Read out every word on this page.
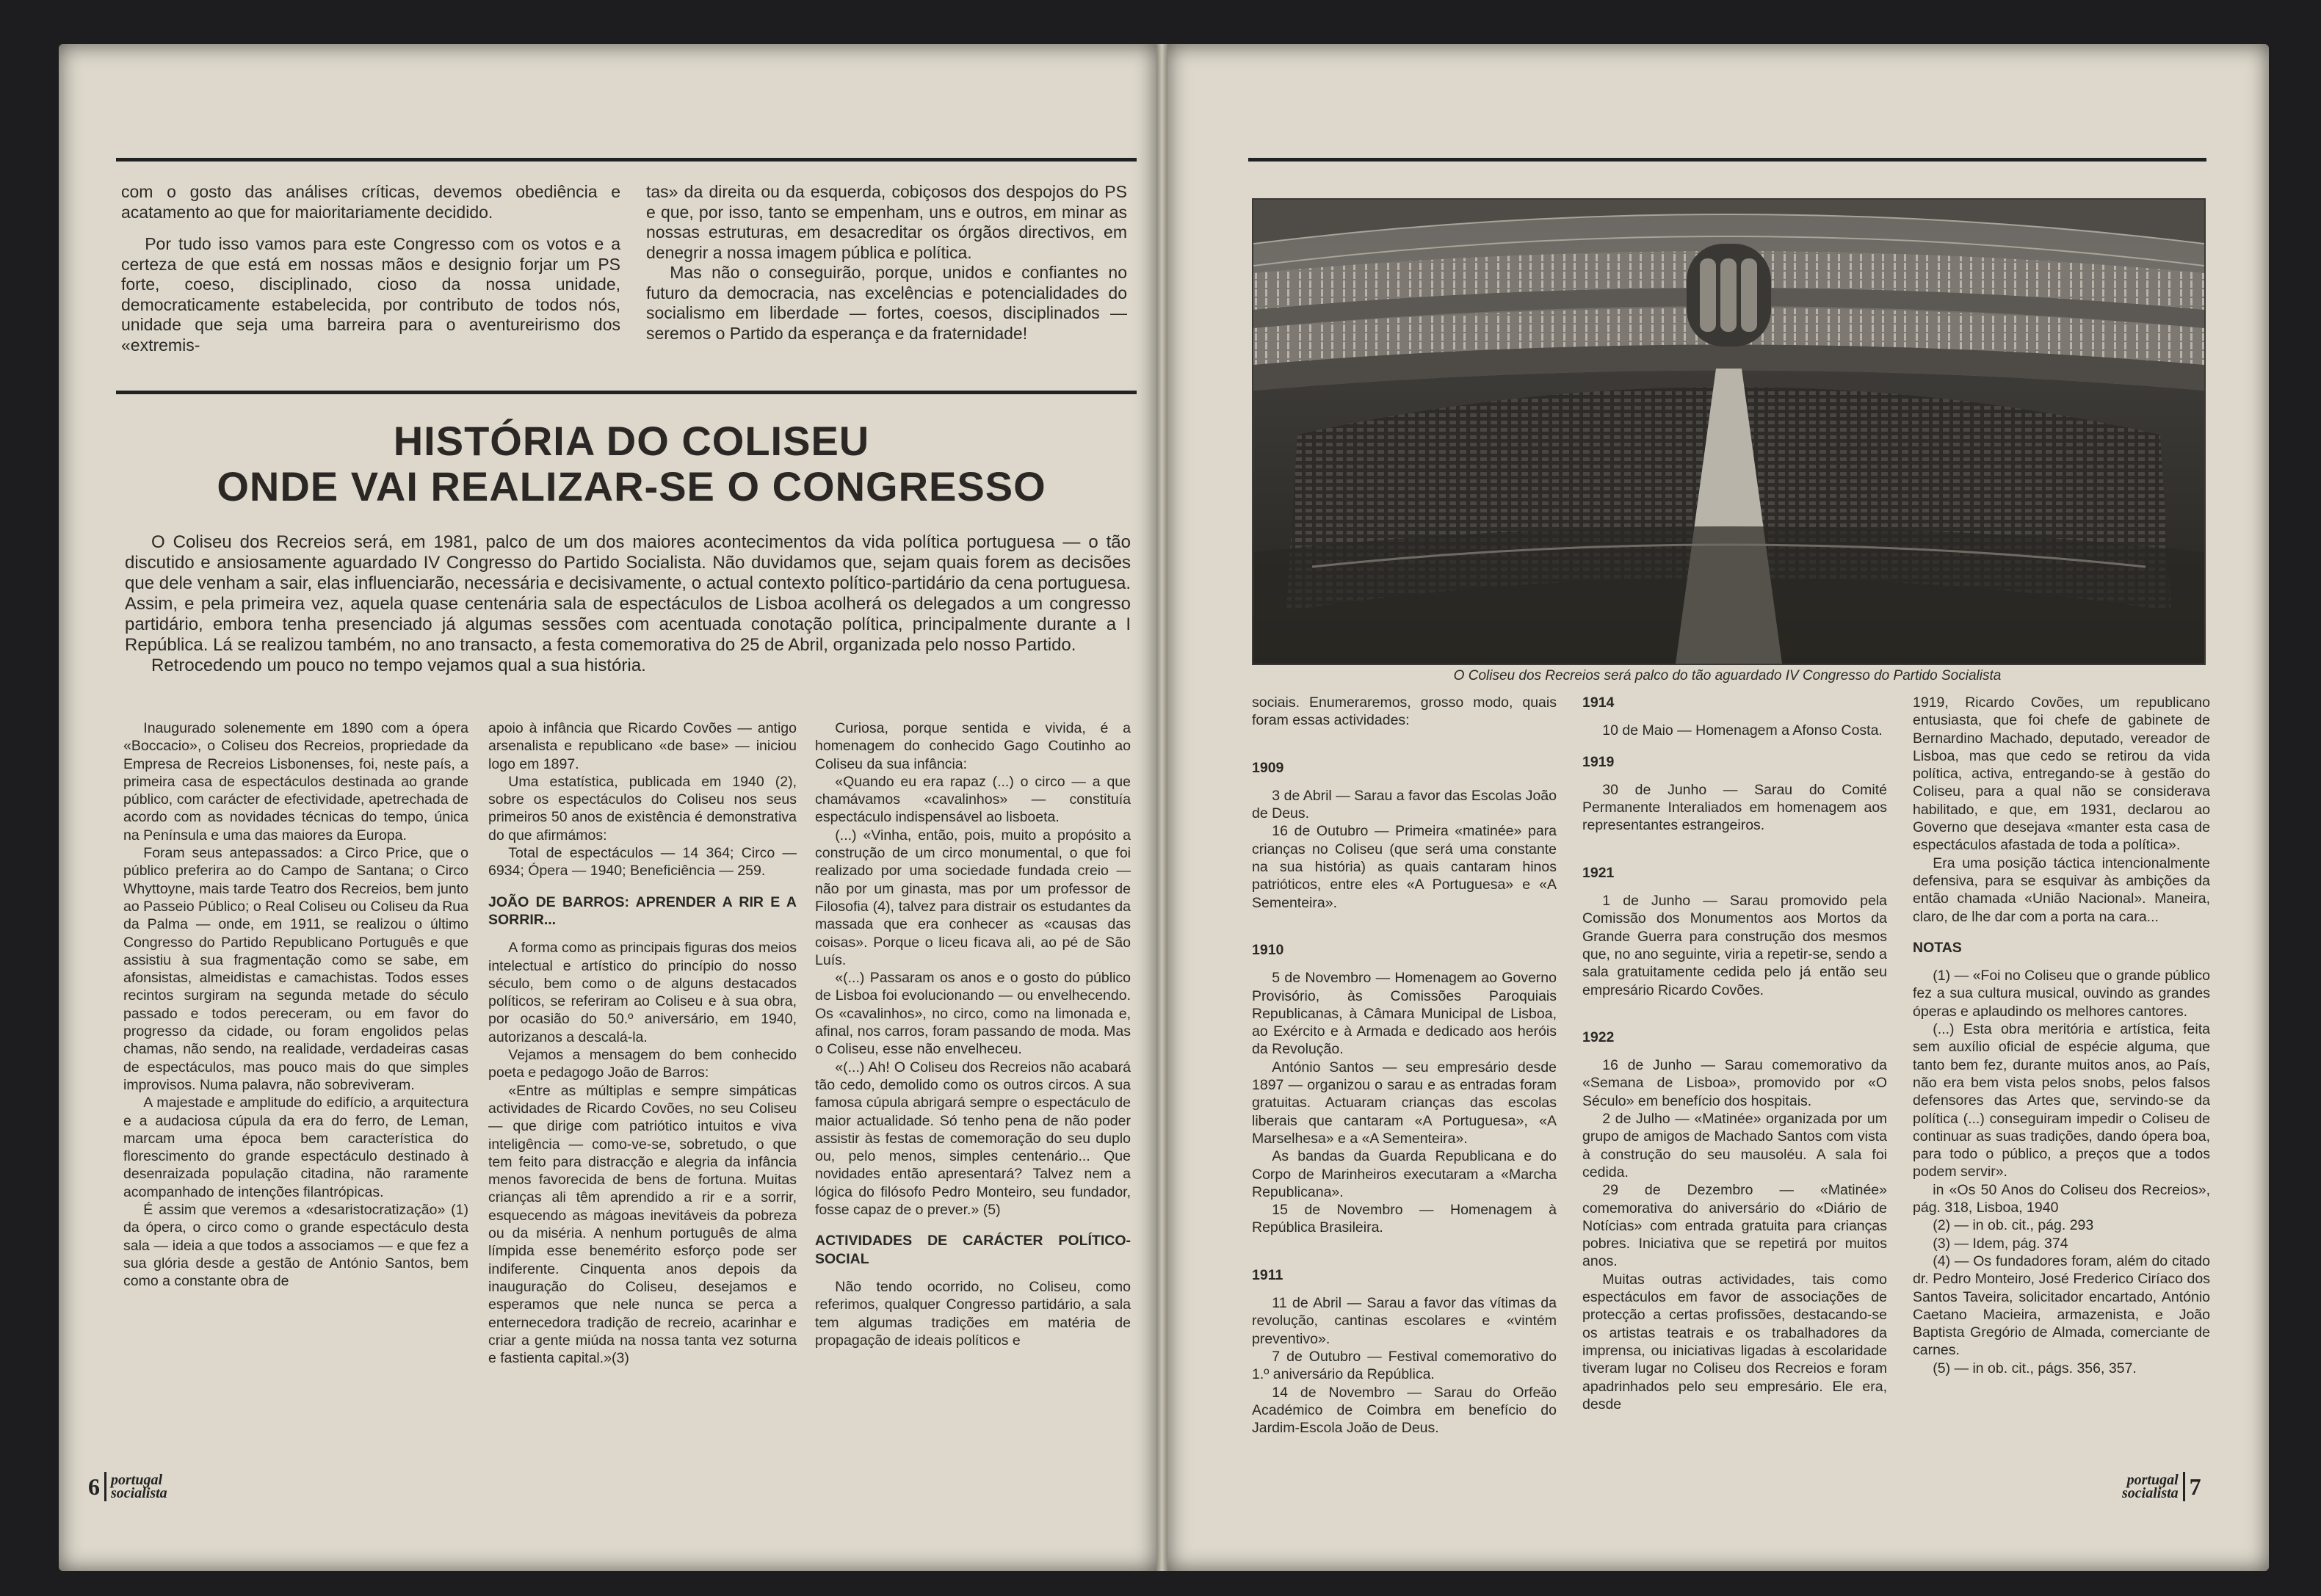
com o gosto das análises críticas, devemos obediência e acatamento ao que for maioritariamente decidido.

Por tudo isso vamos para este Congresso com os votos e a certeza de que está em nossas mãos e designio forjar um PS forte, coeso, disciplinado, cioso da nossa unidade, democraticamente estabelecida, por contributo de todos nós, unidade que seja uma barreira para o aventureirismo dos «extremis-

tas» da direita ou da esquerda, cobiçosos dos despojos do PS e que, por isso, tanto se empenham, uns e outros, em minar as nossas estruturas, em desacreditar os órgãos directivos, em denegrir a nossa imagem pública e política.

Mas não o conseguirão, porque, unidos e confiantes no futuro da democracia, nas excelências e potencialidades do socialismo em liberdade — fortes, coesos, disciplinados — seremos o Partido da esperança e da fraternidade!

HISTÓRIA DO COLISEU
ONDE VAI REALIZAR-SE O CONGRESSO

O Coliseu dos Recreios será, em 1981, palco de um dos maiores acontecimentos da vida política portuguesa — o tão discutido e ansiosamente aguardado IV Congresso do Partido Socialista. Não duvidamos que, sejam quais forem as decisões que dele venham a sair, elas influenciarão, necessária e decisivamente, o actual contexto político-partidário da cena portuguesa. Assim, e pela primeira vez, aquela quase centenária sala de espectáculos de Lisboa acolherá os delegados a um congresso partidário, embora tenha presenciado já algumas sessões com acentuada conotação política, principalmente durante a I República. Lá se realizou também, no ano transacto, a festa comemorativa do 25 de Abril, organizada pelo nosso Partido.

Retrocedendo um pouco no tempo vejamos qual a sua história.

Inaugurado solenemente em 1890 com a ópera «Boccacio», o Coliseu dos Recreios, propriedade da Empresa de Recreios Lisbonenses, foi, neste país, a primeira casa de espectáculos destinada ao grande público, com carácter de efectividade, apetrechada de acordo com as novidades técnicas do tempo, única na Península e uma das maiores da Europa.

Foram seus antepassados: a Circo Price, que o público preferira ao do Campo de Santana; o Circo Whyttoyne, mais tarde Teatro dos Recreios, bem junto ao Passeio Público; o Real Coliseu ou Coliseu da Rua da Palma — onde, em 1911, se realizou o último Congresso do Partido Republicano Português e que assistiu à sua fragmentação como se sabe, em afonsistas, almeidistas e camachistas. Todos esses recintos surgiram na segunda metade do século passado e todos pereceram, ou em favor do progresso da cidade, ou foram engolidos pelas chamas, não sendo, na realidade, verdadeiras casas de espectáculos, mas pouco mais do que simples improvisos. Numa palavra, não sobreviveram.

A majestade e amplitude do edifício, a arquitectura e a audaciosa cúpula da era do ferro, de Leman, marcam uma época bem característica do florescimento do grande espectáculo destinado à desenraizada população citadina, não raramente acompanhado de intenções filantrópicas.

É assim que veremos a «desaristocratização» (1) da ópera, o circo como o grande espectáculo desta sala — ideia a que todos a associamos — e que fez a sua glória desde a gestão de António Santos, bem como a constante obra de

apoio à infância que Ricardo Covões — antigo arsenalista e republicano «de base» — iniciou logo em 1897.

Uma estatística, publicada em 1940 (2), sobre os espectáculos do Coliseu nos seus primeiros 50 anos de existência é demonstrativa do que afirmámos:

Total de espectáculos — 14 364; Circo — 6934; Ópera — 1940; Beneficiência — 259.

JOÃO DE BARROS: APRENDER A RIR E A SORRIR...

A forma como as principais figuras dos meios intelectual e artístico do princípio do nosso século, bem como o de alguns destacados políticos, se referiram ao Coliseu e à sua obra, por ocasião do 50.º aniversário, em 1940, autorizanos a descalá-la.

Vejamos a mensagem do bem conhecido poeta e pedagogo João de Barros:

«Entre as múltiplas e sempre simpáticas actividades de Ricardo Covões, no seu Coliseu — que dirige com patriótico intuitos e viva inteligência — como-ve-se, sobretudo, o que tem feito para distracção e alegria da infância menos favorecida de bens de fortuna. Muitas crianças ali têm aprendido a rir e a sorrir, esquecendo as mágoas inevitáveis da pobreza ou da miséria. A nenhum português de alma límpida esse benemérito esforço pode ser indiferente. Cinquenta anos depois da inauguração do Coliseu, desejamos e esperamos que nele nunca se perca a enternecedora tradição de recreio, acarinhar e criar a gente miúda na nossa tanta vez soturna e fastienta capital.»(3)

Curiosa, porque sentida e vivida, é a homenagem do conhecido Gago Coutinho ao Coliseu da sua infância:

«Quando eu era rapaz (...) o circo — a que chamávamos «cavalinhos» — constituía espectáculo indispensável ao lisboeta.

(...) «Vinha, então, pois, muito a propósito a construção de um circo monumental, o que foi realizado por uma sociedade fundada creio — não por um ginasta, mas por um professor de Filosofia (4), talvez para distrair os estudantes da massada que era conhecer as «causas das coisas». Porque o liceu ficava ali, ao pé de São Luís.

«(...) Passaram os anos e o gosto do público de Lisboa foi evolucionando — ou envelhecendo. Os «cavalinhos», no circo, como na limonada e, afinal, nos carros, foram passando de moda. Mas o Coliseu, esse não envelheceu.

«(...) Ah! O Coliseu dos Recreios não acabará tão cedo, demolido como os outros circos. A sua famosa cúpula abrigará sempre o espectáculo de maior actualidade. Só tenho pena de não poder assistir às festas de comemoração do seu duplo ou, pelo menos, simples centenário... Que novidades então apresentará? Talvez nem a lógica do filósofo Pedro Monteiro, seu fundador, fosse capaz de o prever.» (5)

ACTIVIDADES DE CARÁCTER POLÍTICO-SOCIAL

Não tendo ocorrido, no Coliseu, como referimos, qualquer Congresso partidário, a sala tem algumas tradições em matéria de propagação de ideais políticos e

6 portugal
socialista
O Coliseu dos Recreios será palco do tão aguardado IV Congresso do Partido Socialista

sociais. Enumeraremos, grosso modo, quais foram essas actividades:

1909

3 de Abril — Sarau a favor das Escolas João de Deus.

16 de Outubro — Primeira «matinée» para crianças no Coliseu (que será uma constante na sua história) as quais cantaram hinos patrióticos, entre eles «A Portuguesa» e «A Sementeira».

1910

5 de Novembro — Homenagem ao Governo Provisório, às Comissões Paroquiais Republicanas, à Câmara Municipal de Lisboa, ao Exército e à Armada e dedicado aos heróis da Revolução.

António Santos — seu empresário desde 1897 — organizou o sarau e as entradas foram gratuitas. Actuaram crianças das escolas liberais que cantaram «A Portuguesa», «A Marselhesa» e a «A Sementeira».

As bandas da Guarda Republicana e do Corpo de Marinheiros executaram a «Marcha Republicana».

15 de Novembro — Homenagem à República Brasileira.

1911

11 de Abril — Sarau a favor das vítimas da revolução, cantinas escolares e «vintém preventivo».

7 de Outubro — Festival comemorativo do 1.º aniversário da República.

14 de Novembro — Sarau do Orfeão Académico de Coimbra em benefício do Jardim-Escola João de Deus.

1914

10 de Maio — Homenagem a Afonso Costa.

1919

30 de Junho — Sarau do Comité Permanente Interaliados em homenagem aos representantes estrangeiros.

1921

1 de Junho — Sarau promovido pela Comissão dos Monumentos aos Mortos da Grande Guerra para construção dos mesmos que, no ano seguinte, viria a repetir-se, sendo a sala gratuitamente cedida pelo já então seu empresário Ricardo Covões.

1922

16 de Junho — Sarau comemorativo da «Semana de Lisboa», promovido por «O Século» em benefício dos hospitais.

2 de Julho — «Matinée» organizada por um grupo de amigos de Machado Santos com vista à construção do seu mausoléu. A sala foi cedida.

29 de Dezembro — «Matinée» comemorativa do aniversário do «Diário de Notícias» com entrada gratuita para crianças pobres. Iniciativa que se repetirá por muitos anos.

Muitas outras actividades, tais como espectáculos em favor de associações de protecção a certas profissões, destacando-se os artistas teatrais e os trabalhadores da imprensa, ou iniciativas ligadas à escolaridade tiveram lugar no Coliseu dos Recreios e foram apadrinhados pelo seu empresário. Ele era, desde

1919, Ricardo Covões, um republicano entusiasta, que foi chefe de gabinete de Bernardino Machado, deputado, vereador de Lisboa, mas que cedo se retirou da vida política, activa, entregando-se à gestão do Coliseu, para a qual não se considerava habilitado, e que, em 1931, declarou ao Governo que desejava «manter esta casa de espectáculos afastada de toda a política».

Era uma posição táctica intencionalmente defensiva, para se esquivar às ambições da então chamada «União Nacional». Maneira, claro, de lhe dar com a porta na cara...

NOTAS

(1) — «Foi no Coliseu que o grande público fez a sua cultura musical, ouvindo as grandes óperas e aplaudindo os melhores cantores.

(...) Esta obra meritória e artística, feita sem auxílio oficial de espécie alguma, que tanto bem fez, durante muitos anos, ao País, não era bem vista pelos snobs, pelos falsos defensores das Artes que, servindo-se da política (...) conseguiram impedir o Coliseu de continuar as suas tradições, dando ópera boa, para todo o público, a preços que a todos podem servir».

in «Os 50 Anos do Coliseu dos Recreios», pág. 318, Lisboa, 1940

(2) — in ob. cit., pág. 293

(3) — Idem, pág. 374

(4) — Os fundadores foram, além do citado dr. Pedro Monteiro, José Frederico Ciríaco dos Santos Taveira, solicitador encartado, António Caetano Macieira, armazenista, e João Baptista Gregório de Almada, comerciante de carnes.

(5) — in ob. cit., págs. 356, 357.

portugal
socialista 7
